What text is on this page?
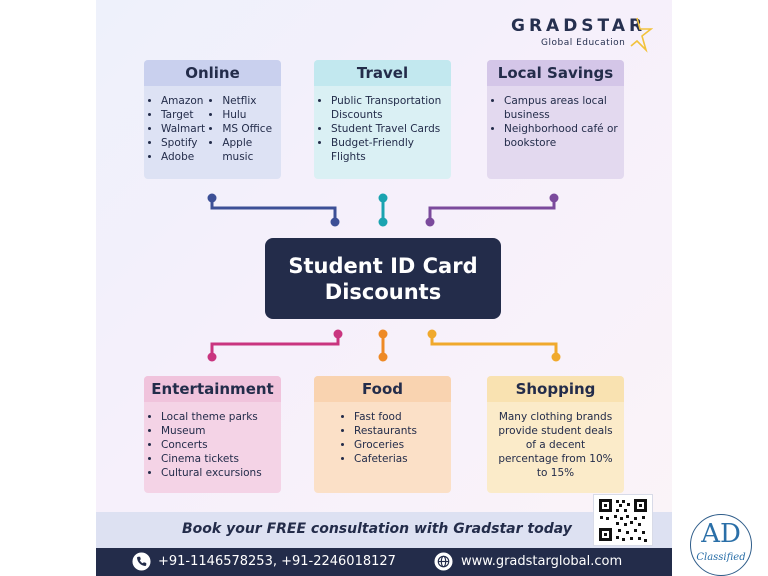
GRADSTAR
Global Education
Online
• Amazon
• Target
• Walmart
• Spotify
• Adobe
• Netflix
• Hulu
• MS Office
• Apple music
Travel
• Public Transportation Discounts
• Student Travel Cards
• Budget-Friendly Flights
Local Savings
• Campus areas local business
• Neighborhood café or bookstore
Student ID Card
Discounts
Entertainment
• Local theme parks
• Museum
• Concerts
• Cinema tickets
• Cultural excursions
Food
• Fast food
• Restaurants
• Groceries
• Cafeterias
Shopping
Many clothing brands provide student deals of a decent percentage from 10% to 15%
Book your FREE consultation with Gradstar today
+91-1146578253, +91-2246018127	www.gradstarglobal.com
AD
Classified
